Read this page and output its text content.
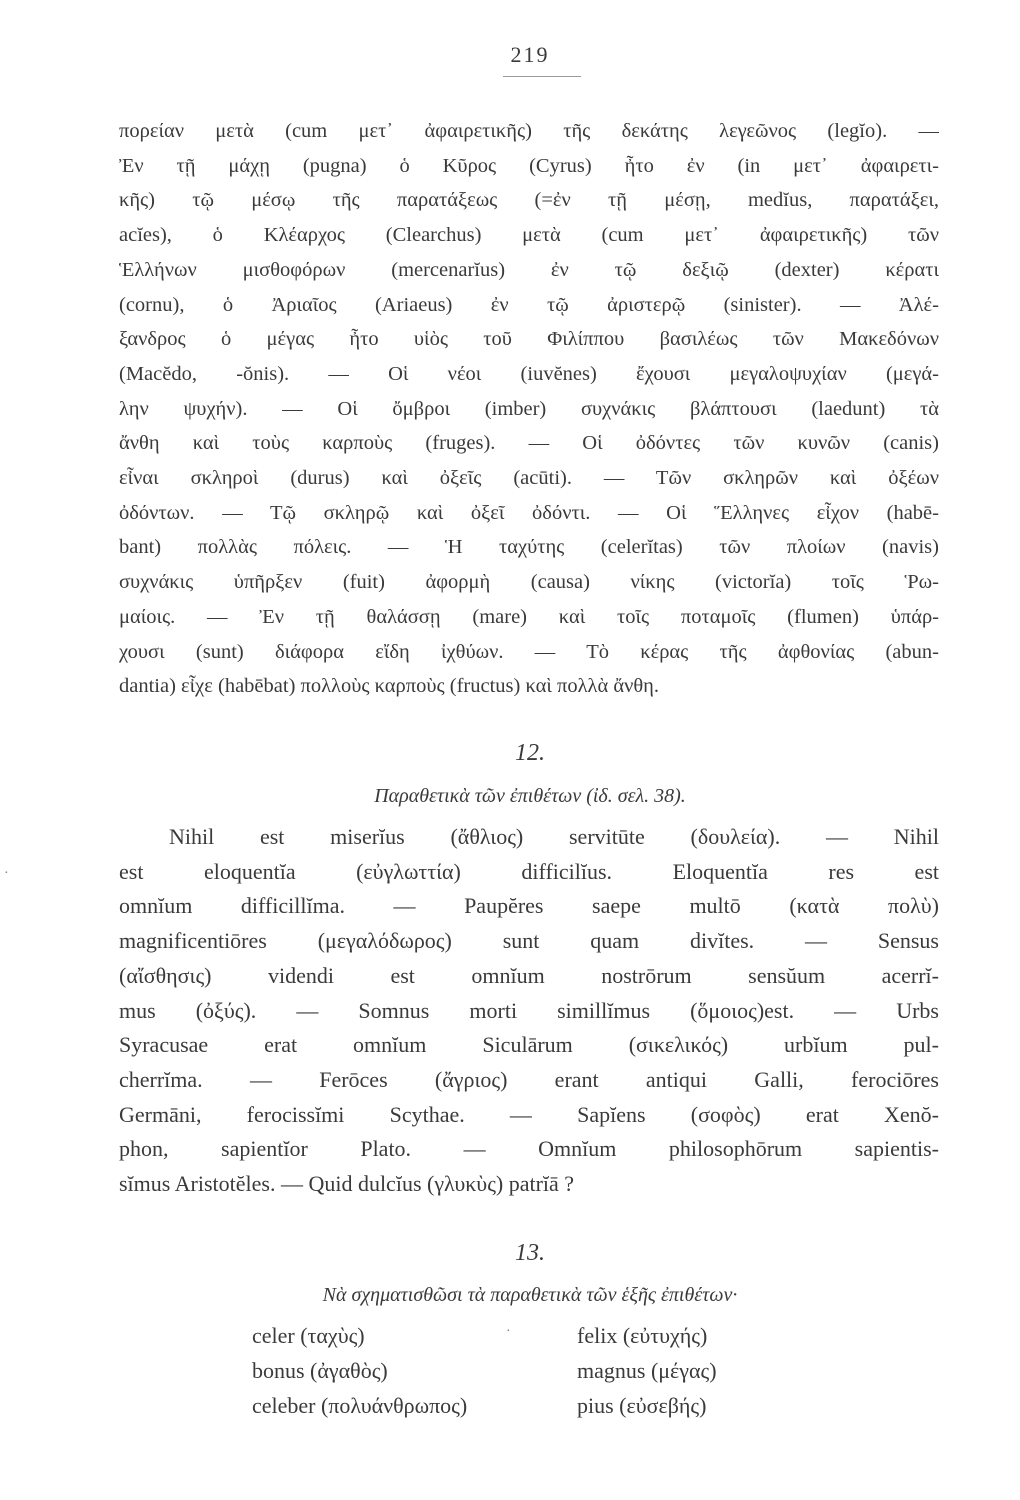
219
πορείαν μετὰ (cum μετ᾽ ἀφαιρετικῆς) τῆς δεκάτης λεγεῶνος (legĭo). —
Ἐν τῇ μάχῃ (pugna) ὁ Κῦρος (Cyrus) ἦτο ἐν (in μετ᾽ ἀφαιρετι-
κῆς) τῷ μέσῳ τῆς παρατάξεως (=ἐν τῇ μέσῃ, medĭus, παρατάξει,
acĭes), ὁ Κλέαρχος (Clearchus) μετὰ (cum μετ᾽ ἀφαιρετικῆς) τῶν
Ἑλλήνων μισθοφόρων (mercenarĭus) ἐν τῷ δεξιῷ (dexter) κέρατι
(cornu), ὁ Ἀριαῖος (Ariaeus) ἐν τῷ ἀριστερῷ (sinister). — Ἀλέ-
ξανδρος ὁ μέγας ἦτο υἱὸς τοῦ Φιλίππου βασιλέως τῶν Μακεδόνων
(Macĕdo, -ŏnis). — Οἱ νέοι (iuvĕnes) ἔχουσι μεγαλοψυχίαν (μεγά-
λην ψυχήν). — Οἱ ὄμβροι (imber) συχνάκις βλάπτουσι (laedunt) τὰ
ἄνθη καὶ τοὺς καρποὺς (fruges). — Οἱ ὀδόντες τῶν κυνῶν (canis)
εἶναι σκληροὶ (durus) καὶ ὀξεῖς (acūti). — Τῶν σκληρῶν καὶ ὀξέων
ὀδόντων. — Τῷ σκληρῷ καὶ ὀξεῖ ὀδόντι. — Οἱ Ἕλληνες εἶχον (habē-
bant) πολλὰς πόλεις. — Ἡ ταχύτης (celerĭtas) τῶν πλοίων (navis)
συχνάκις ὑπῆρξεν (fuit) ἀφορμὴ (causa) νίκης (victorĭa) τοῖς Ῥω-
μαίοις. — Ἐν τῇ θαλάσσῃ (mare) καὶ τοῖς ποταμοῖς (flumen) ὑπάρ-
χουσι (sunt) διάφορα εἴδη ἰχθύων. — Τὸ κέρας τῆς ἀφθονίας (abun-
dantia) εἶχε (habēbat) πολλοὺς καρποὺς (fructus) καὶ πολλὰ ἄνθη.
12.
Παραθετικὰ τῶν ἐπιθέτων (ἰδ. σελ. 38).
Nihil est miserĭus (ἄθλιος) servitūte (δουλεία). — Nihil
est eloquentĭa (εὐγλωττία) difficilĭus. Eloquentĭa res est
omnĭum difficillĭma. — Paupĕres saepe multō (κατὰ πολὺ)
magnificentiōres (μεγαλόδωρος) sunt quam divĭtes. — Sensus
(αἴσθησις) videndi est omnĭum nostrōrum sensŭum acerrĭ-
mus (ὀξύς). — Somnus morti simillĭmus (ὅμοιος)est. — Urbs
Syracusae erat omnĭum Siculārum (σικελικός) urbĭum pul-
cherrĭma. — Ferōces (ἄγριος) erant antiqui Galli, ferociōres
Germāni, ferocissĭmi Scythae. — Sapĭens (σοφὸς) erat Xenŏ-
phon, sapientĭor Plato. — Omnĭum philosophōrum sapientis-
sĭmus Aristotĕles. — Quid dulcĭus (γλυκὺς) patrĭā ?
13.
Νὰ σχηματισθῶσι τὰ παραθετικὰ τῶν ἑξῆς ἐπιθέτων·
celer (ταχὺς)	felix (εὐτυχής)
bonus (ἀγαθὸς)	magnus (μέγας)
celeber (πολυάνθρωπος)	pius (εὐσεβής)
·
·
